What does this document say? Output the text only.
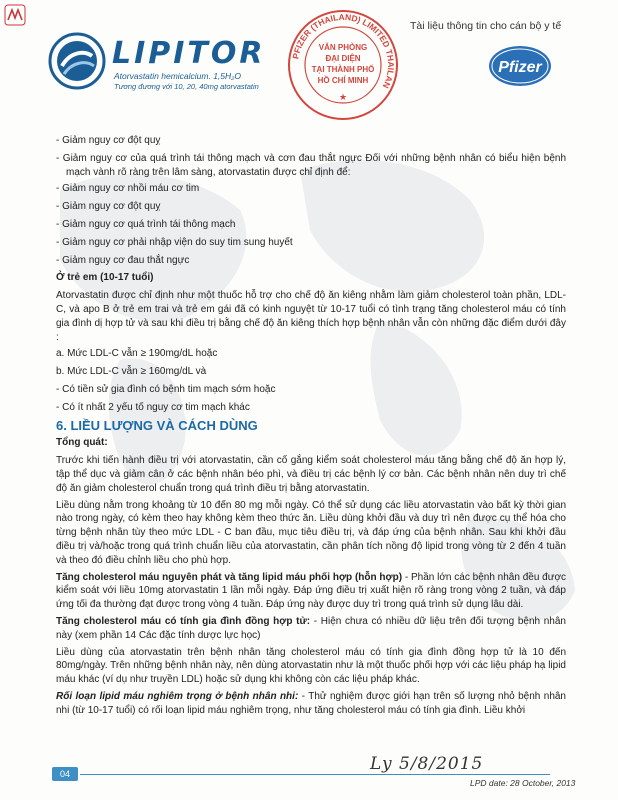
LIPITOR
Atorvastatin hemicalcium. 1,5H₂O
Tương đương với 10, 20, 40mg atorvastatin
PFIZER (THAILAND) LIMITED THAILAN
VĂN PHÒNG
ĐẠI DIỆN
TẠI THÀNH PHỐ
HỒ CHÍ MINH
★
Tài liệu thông tin cho cán bộ y tế
Pfizer
- Giảm nguy cơ đột quỵ

- Giảm nguy cơ của quá trình tái thông mạch và cơn đau thắt ngực Đối với những bệnh nhân có biểu hiện bệnh mạch vành rõ ràng trên lâm sàng, atorvastatin được chỉ định để:

- Giảm nguy cơ nhồi máu cơ tim
- Giảm nguy cơ đột quỵ
- Giảm nguy cơ quá trình tái thông mạch
- Giảm nguy cơ phải nhập viện do suy tim sung huyết
- Giảm nguy cơ đau thắt ngực
Ở trẻ em (10-17 tuổi)

Atorvastatin được chỉ định như một thuốc hỗ trợ cho chế độ ăn kiêng nhằm làm giảm cholesterol toàn phần, LDL- C, và apo B ở trẻ em trai và trẻ em gái đã có kinh nguyệt từ 10-17 tuổi có tình trạng tăng cholesterol máu có tính gia đình dị hợp tử và sau khi điều trị bằng chế độ ăn kiêng thích hợp bệnh nhân vẫn còn những đặc điểm dưới đây :

a. Mức LDL-C vẫn ≥ 190mg/dL hoặc
b. Mức LDL-C vẫn ≥ 160mg/dL và
- Có tiền sử gia đình có bệnh tim mạch sớm hoặc
- Có ít nhất 2 yếu tố nguy cơ tim mạch khác
6. LIỀU LƯỢNG VÀ CÁCH DÙNG
Tổng quát:

Trước khi tiến hành điều trị với atorvastatin, cần cố gắng kiểm soát cholesterol máu tăng bằng chế độ ăn hợp lý, tập thể dục và giảm cân ở các bệnh nhân béo phì, và điều trị các bệnh lý cơ bản. Các bệnh nhân nên duy trì chế độ ăn giảm cholesterol chuẩn trong quá trình điều trị bằng atorvastatin.

Liều dùng nằm trong khoảng từ 10 đến 80 mg mỗi ngày. Có thể sử dụng các liều atorvastatin vào bất kỳ thời gian nào trong ngày, có kèm theo hay không kèm theo thức ăn. Liều dùng khởi đầu và duy trì nên được cụ thể hóa cho từng bệnh nhân tùy theo mức LDL - C ban đầu, mục tiêu điều trị, và đáp ứng của bệnh nhân. Sau khi khởi đầu điều trị và/hoặc trong quá trình chuẩn liều của atorvastatin, cần phân tích nồng độ lipid trong vòng từ 2 đến 4 tuần và theo đó điều chỉnh liều cho phù hợp.

Tăng cholesterol máu nguyên phát và tăng lipid máu phối hợp (hỗn hợp) - Phần lớn các bệnh nhân đều được kiểm soát với liều 10mg atorvastatin 1 lần mỗi ngày. Đáp ứng điều trị xuất hiện rõ ràng trong vòng 2 tuần, và đáp ứng tối đa thường đạt được trong vòng 4 tuần. Đáp ứng này được duy trì trong quá trình sử dụng lâu dài.

Tăng cholesterol máu có tính gia đình đồng hợp tử: - Hiện chưa có nhiều dữ liệu trên đối tượng bệnh nhân này (xem phần 14 Các đặc tính dược lực học)

Liều dùng của atorvastatin trên bệnh nhân tăng cholesterol máu có tính gia đình đồng hợp tử là 10 đến 80mg/ngày. Trên những bệnh nhân này, nên dùng atorvastatin như là một thuốc phối hợp với các liệu pháp hạ lipid máu khác (ví dụ như truyền LDL) hoặc sử dụng khi không còn các liệu pháp khác.

Rối loạn lipid máu nghiêm trọng ở bệnh nhân nhi: - Thử nghiệm được giới hạn trên số lượng nhỏ bệnh nhân nhi (từ 10-17 tuổi) có rối loạn lipid máu nghiêm trọng, như tăng cholesterol máu có tính gia đình. Liều khởi

04	Ly 5/8/2015
LPD date: 28 October, 2013
